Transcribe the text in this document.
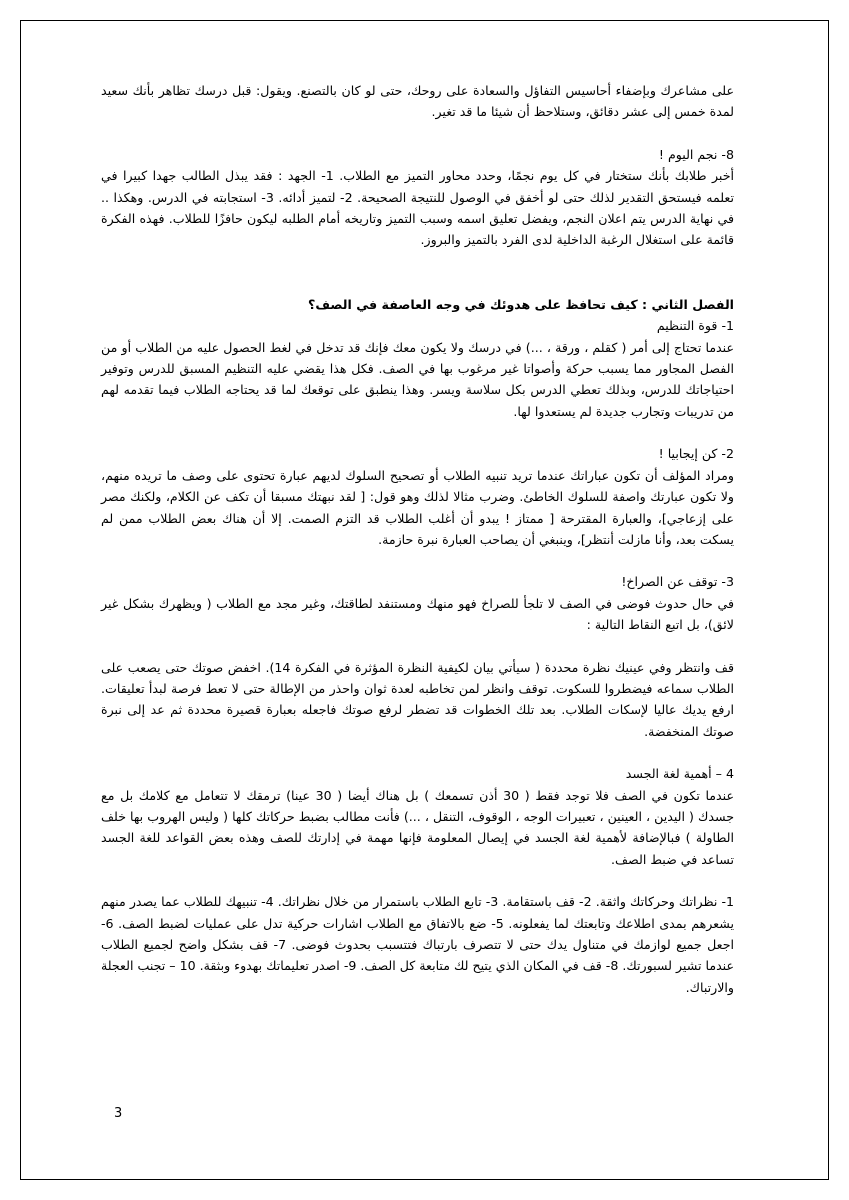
على مشاعرك وبإضفاء أحاسيس التفاؤل والسعادة على روحك، حتى لو كان بالتصنع. ويقول: قبل درسك تظاهر بأنك سعيد لمدة خمس إلى عشر دقائق، وستلاحظ أن شيئا ما قد تغير.

8- نجم اليوم !

أخبر طلابك بأنك ستختار في كل يوم نجمًا، وحدد محاور التميز مع الطلاب. 1- الجهد : فقد يبذل الطالب جهدا كبيرا في تعلمه فيستحق التقدير لذلك حتى لو أخفق في الوصول للنتيجة الصحيحة. 2- لتميز أدائه. 3- استجابته في الدرس. وهكذا .. في نهاية الدرس يتم اعلان النجم، ويفضل تعليق اسمه وسبب التميز وتاريخه أمام الطلبه ليكون حافزًا للطلاب. فهذه الفكرة قائمة على استغلال الرغبة الداخلية لدى الفرد بالتميز والبروز.

الفصل الثاني : كيف تحافظ على هدوئك في وجه العاصفة في الصف؟

1- قوة التنظيم

عندما تحتاج إلى أمر ( كقلم ، ورقة ، ...) في درسك ولا يكون معك فإنك قد تدخل في لغط الحصول عليه من الطلاب أو من الفصل المجاور مما يسبب حركة وأصواتا غير مرغوب بها في الصف. فكل هذا يقضي عليه التنظيم المسبق للدرس وتوفير احتياجاتك للدرس، وبذلك تعطي الدرس بكل سلاسة ويسر. وهذا ينطبق على توقعك لما قد يحتاجه الطلاب فيما تقدمه لهم من تدريبات وتجارب جديدة لم يستعدوا لها.

2- كن إيجابيا !

ومراد المؤلف أن تكون عباراتك عندما تريد تنبيه الطلاب أو تصحيح السلوك لديهم عبارة تحتوى على وصف ما تريده منهم، ولا تكون عبارتك واصفة للسلوك الخاطئ. وضرب مثالا لذلك وهو قول: [ لقد نبهتك مسبقا أن تكف عن الكلام، ولكنك مصر على إزعاجي]، والعبارة المقترحة [ ممتاز ! يبدو أن أغلب الطلاب قد التزم الصمت. إلا أن هناك بعض الطلاب ممن لم يسكت بعد، وأنا مازلت أنتظر]، وينبغي أن يصاحب العبارة نبرة حازمة.

3- توقف عن الصراخ!

في حال حدوث فوضى في الصف لا تلجأ للصراخ فهو منهك ومستنفد لطاقتك، وغير مجد مع الطلاب ( ويظهرك بشكل غير لائق)، بل اتبع النقاط التالية :

قف وانتظر وفي عينيك نظرة محددة ( سيأتي بيان لكيفية النظرة المؤثرة في الفكرة 14). اخفض صوتك حتى يصعب على الطلاب سماعه فيضطروا للسكوت. توقف وانظر لمن تخاطبه لعدة ثوان واحذر من الإطالة حتى لا تعط فرصة لبدأ تعليقات. ارفع يديك عاليا لإسكات الطلاب. بعد تلك الخطوات قد تضطر لرفع صوتك فاجعله بعبارة قصيرة محددة ثم عد إلى نبرة صوتك المنخفضة.

4 – أهمية لغة الجسد

عندما تكون في الصف فلا توجد فقط ( 30 أذن تسمعك ) بل هناك أيضا ( 30 عينا) ترمقك لا تتعامل مع كلامك بل مع جسدك ( اليدين ، العينين ، تعبيرات الوجه ، الوقوف، التنقل ، ...) فأنت مطالب بضبط حركاتك كلها ( وليس الهروب بها خلف الطاولة ) فبالإضافة لأهمية لغة الجسد في إيصال المعلومة فإنها مهمة في إدارتك للصف وهذه بعض القواعد للغة الجسد تساعد في ضبط الصف.

1- نظراتك وحركاتك واثقة. 2- قف باستقامة. 3- تابع الطلاب باستمرار من خلال نظراتك. 4- تنبيهك للطلاب عما يصدر منهم يشعرهم بمدى اطلاعك وتابعتك لما يفعلونه. 5- ضع بالاتفاق مع الطلاب اشارات حركية تدل على عمليات لضبط الصف. 6- اجعل جميع لوازمك في متناول يدك حتى لا تتصرف بارتباك فتتسبب بحدوث فوضى. 7- قف بشكل واضح لجميع الطلاب عندما تشير لسبورتك. 8- قف في المكان الذي يتيح لك متابعة كل الصف. 9- اصدر تعليماتك بهدوء وبثقة. 10 – تجنب العجلة والارتباك.

3
